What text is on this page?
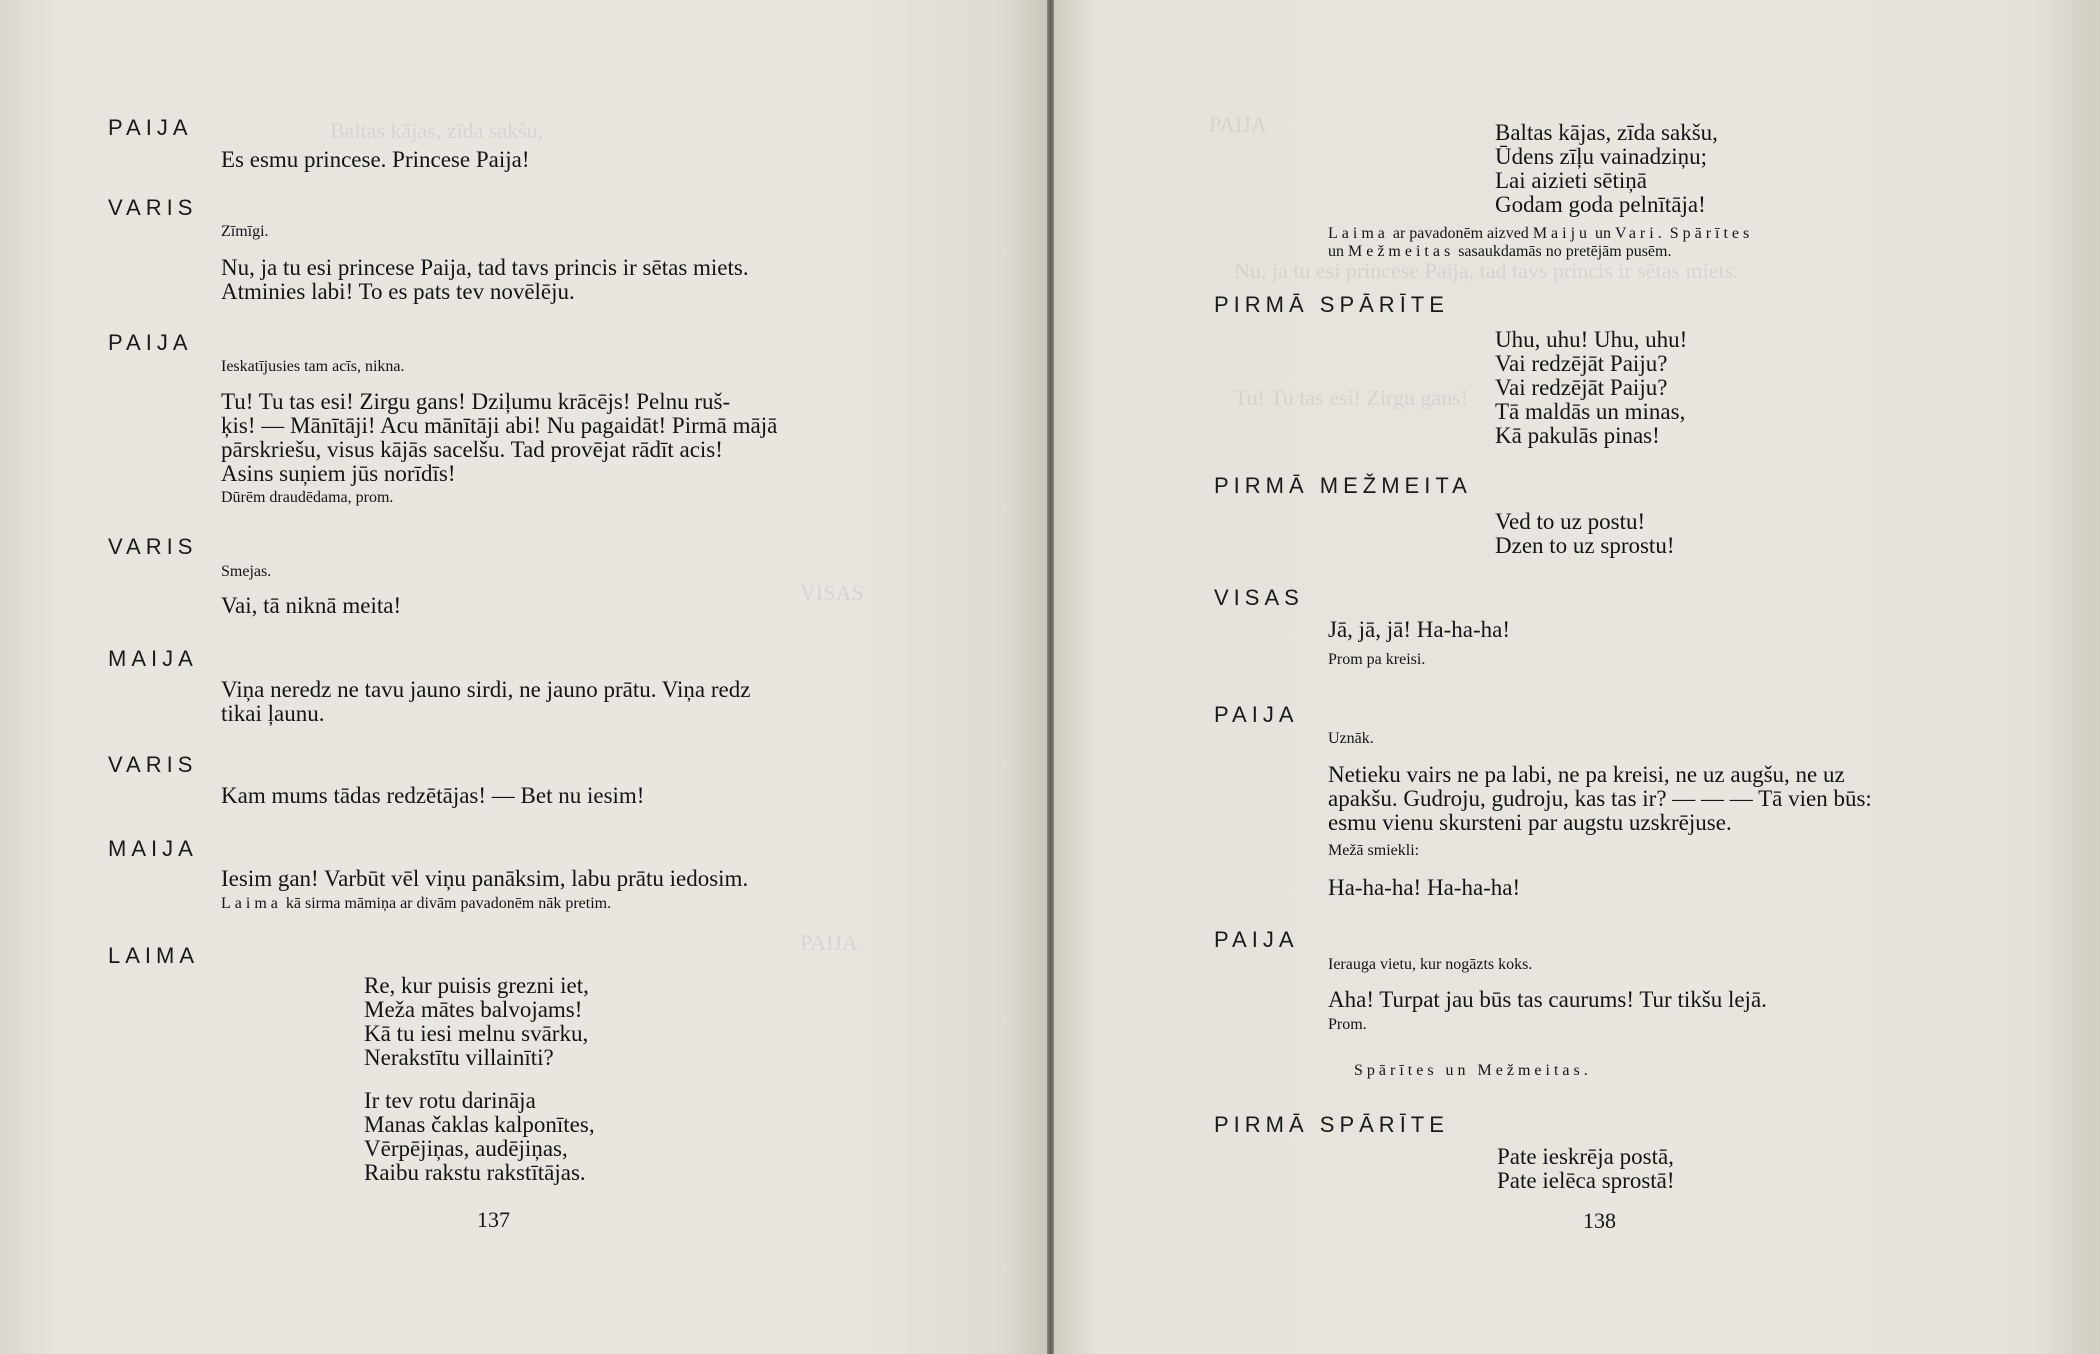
Baltas kājas, zīda sakšu,
VISAS
PAIJA
PAIJA
Es esmu princese. Princese Paija!
VARIS
Zīmīgi.
Nu, ja tu esi princese Paija, tad tavs princis ir sētas miets.
Atminies labi! To es pats tev novēlēju.
PAIJA
Ieskatījusies tam acīs, nikna.
Tu! Tu tas esi! Zirgu gans! Dziļumu krācējs! Pelnu ruš-
ķis! — Mānītāji! Acu mānītāji abi! Nu pagaidāt! Pirmā mājā
pārskriešu, visus kājās sacelšu. Tad provējat rādīt acis!
Asins suņiem jūs norīdīs!
Dūrēm draudēdama, prom.
VARIS
Smejas.
Vai, tā niknā meita!
MAIJA
Viņa neredz ne tavu jauno sirdi, ne jauno prātu. Viņa redz
tikai ļaunu.
VARIS
Kam mums tādas redzētājas! — Bet nu iesim!
MAIJA
Iesim gan! Varbūt vēl viņu panāksim, labu prātu iedosim.
Laima kā sirma māmiņa ar divām pavadonēm nāk pretim.
LAIMA
Re, kur puisis grezni iet,
Meža mātes balvojams!
Kā tu iesi melnu svārku,
Nerakstītu villainīti?
Ir tev rotu darināja
Manas čaklas kalponītes,
Vērpējiņas, audējiņas,
Raibu rakstu rakstītājas.
137
PAIJA
Nu, ja tu esi princese Paija, tad tavs princis ir sētas miets.
Tu! Tu tas esi! Zirgu gans!
Baltas kājas, zīda sakšu,
Ūdens zīļu vainadziņu;
Lai aizieti sētiņā
Godam goda pelnītāja!
Laima ar pavadonēm aizved Maiju un Vari. Spārītes
un Mežmeitas sasaukdamās no pretējām pusēm.
PIRMĀ SPĀRĪTE
Uhu, uhu! Uhu, uhu!
Vai redzējāt Paiju?
Vai redzējāt Paiju?
Tā maldās un minas,
Kā pakulās pinas!
PIRMĀ MEŽMEITA
Ved to uz postu!
Dzen to uz sprostu!
VISAS
Jā, jā, jā! Ha-ha-ha!
Prom pa kreisi.
PAIJA
Uznāk.
Netieku vairs ne pa labi, ne pa kreisi, ne uz augšu, ne uz
apakšu. Gudroju, gudroju, kas tas ir? — — — Tā vien būs:
esmu vienu skursteni par augstu uzskrējuse.
Mežā smiekli:
Ha-ha-ha! Ha-ha-ha!
PAIJA
Ierauga vietu, kur nogāzts koks.
Aha! Turpat jau būs tas caurums! Tur tikšu lejā.
Prom.
Spārītes un Mežmeitas.
PIRMĀ SPĀRĪTE
Pate ieskrēja postā,
Pate ielēca sprostā!
138
